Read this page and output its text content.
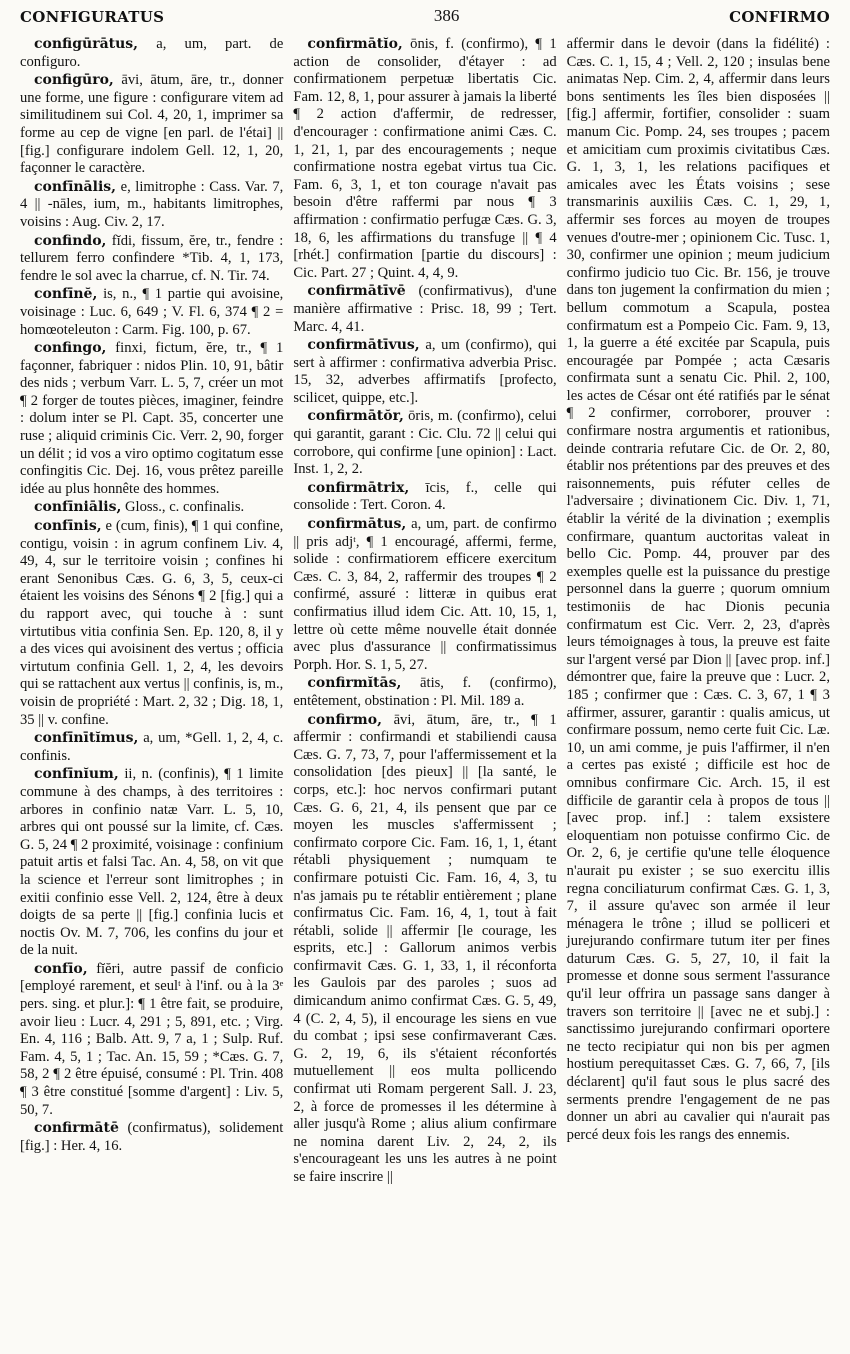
CONFIGURATUS	386	CONFIRMO

configūrātus, a, um, part. de configuro.

configūro, āvi, ātum, āre, tr., donner une forme, une figure : configurare vitem ad similitudinem sui Col. 4, 20, 1, imprimer sa forme au cep de vigne [en parl. de l'étai] || [fig.] configurare indolem Gell. 12, 1, 20, façonner le caractère.

confīnālis, e, limitrophe : Cass. Var. 7, 4 || -nāles, ium, m., habitants limitrophes, voisins : Aug. Civ. 2, 17.

confindo, fĭdi, fissum, ĕre, tr., fendre : tellurem ferro confindere *Tib. 4, 1, 173, fendre le sol avec la charrue, cf. N. Tir. 74.

confīnĕ, is, n., ¶ 1 partie qui avoisine, voisinage : Luc. 6, 649 ; V. Fl. 6, 374 ¶ 2 = homœoteleuton : Carm. Fig. 100, p. 67.

confingo, finxi, fictum, ĕre, tr., ¶ 1 façonner, fabriquer : nidos Plin. 10, 91, bâtir des nids ; verbum Varr. L. 5, 7, créer un mot ¶ 2 forger de toutes pièces, imaginer, feindre : dolum inter se Pl. Capt. 35, concerter une ruse ; aliquid criminis Cic. Verr. 2, 90, forger un délit ; id vos a viro optimo cogitatum esse confingitis Cic. Dej. 16, vous prêtez pareille idée au plus honnête des hommes.

confīniālis, Gloss., c. confinalis.

confīnis, e (cum, finis), ¶ 1 qui confine, contigu, voisin : in agrum confinem Liv. 4, 49, 4, sur le territoire voisin ; confines hi erant Senonibus Cæs. G. 6, 3, 5, ceux-ci étaient les voisins des Sénons ¶ 2 [fig.] qui a du rapport avec, qui touche à : sunt virtutibus vitia confinia Sen. Ep. 120, 8, il y a des vices qui avoisinent des vertus ; officia virtutum confinia Gell. 1, 2, 4, les devoirs qui se rattachent aux vertus || confinis, is, m., voisin de propriété : Mart. 2, 32 ; Dig. 18, 1, 35 || v. confine.

confīnītĭmus, a, um, *Gell. 1, 2, 4, c. confinis.

confīnĭum, ii, n. (confinis), ¶ 1 limite commune à des champs, à des territoires : arbores in confinio natæ Varr. L. 5, 10, arbres qui ont poussé sur la limite, cf. Cæs. G. 5, 24 ¶ 2 proximité, voisinage : confinium patuit artis et falsi Tac. An. 4, 58, on vit que la science et l'erreur sont limitrophes ; in exitii confinio esse Vell. 2, 124, être à deux doigts de sa perte || [fig.] confinia lucis et noctis Ov. M. 7, 706, les confins du jour et de la nuit.

confīo, fĭĕri, autre passif de conficio [employé rarement, et seulᵗ à l'inf. ou à la 3ᵉ pers. sing. et plur.]: ¶ 1 être fait, se produire, avoir lieu : Lucr. 4, 291 ; 5, 891, etc. ; Virg. En. 4, 116 ; Balb. Att. 9, 7 a, 1 ; Sulp. Ruf. Fam. 4, 5, 1 ; Tac. An. 15, 59 ; *Cæs. G. 7, 58, 2 ¶ 2 être épuisé, consumé : Pl. Trin. 408 ¶ 3 être constitué [somme d'argent] : Liv. 5, 50, 7.

confirmātē (confirmatus), solidement [fig.] : Her. 4, 16.

confirmātĭo, ōnis, f. (confirmo), ¶ 1 action de consolider, d'étayer : ad confirmationem perpetuæ libertatis Cic. Fam. 12, 8, 1, pour assurer à jamais la liberté ¶ 2 action d'affermir, de redresser, d'encourager : confirmatione animi Cæs. C. 1, 21, 1, par des encouragements ; neque confirmatione nostra egebat virtus tua Cic. Fam. 6, 3, 1, et ton courage n'avait pas besoin d'être raffermi par nous ¶ 3 affirmation : confirmatio perfugæ Cæs. G. 3, 18, 6, les affirmations du transfuge || ¶ 4 [rhét.] confirmation [partie du discours] : Cic. Part. 27 ; Quint. 4, 4, 9.

confirmātīvē (confirmativus), d'une manière affirmative : Prisc. 18, 99 ; Tert. Marc. 4, 41.

confirmātīvus, a, um (confirmo), qui sert à affirmer : confirmativa adverbia Prisc. 15, 32, adverbes affirmatifs [profecto, scilicet, quippe, etc.].

confirmātŏr, ōris, m. (confirmo), celui qui garantit, garant : Cic. Clu. 72 || celui qui corrobore, qui confirme [une opinion] : Lact. Inst. 1, 2, 2.

confirmātrix, īcis, f., celle qui consolide : Tert. Coron. 4.

confirmātus, a, um, part. de confirmo || pris adjᵗ, ¶ 1 encouragé, affermi, ferme, solide : confirmatiorem efficere exercitum Cæs. C. 3, 84, 2, raffermir des troupes ¶ 2 confirmé, assuré : litteræ in quibus erat confirmatius illud idem Cic. Att. 10, 15, 1, lettre où cette même nouvelle était donnée avec plus d'assurance || confirmatissimus Porph. Hor. S. 1, 5, 27.

confirmĭtās, ātis, f. (confirmo), entêtement, obstination : Pl. Mil. 189 a.

confirmo, āvi, ātum, āre, tr., ¶ 1 affermir : confirmandi et stabiliendi causa Cæs. G. 7, 73, 7, pour l'affermissement et la consolidation [des pieux] || [la santé, le corps, etc.]: hoc nervos confirmari putant Cæs. G. 6, 21, 4, ils pensent que par ce moyen les muscles s'affermissent ; confirmato corpore Cic. Fam. 16, 1, 1, étant rétabli physiquement ; numquam te confirmare potuisti Cic. Fam. 16, 4, 3, tu n'as jamais pu te rétablir entièrement ; plane confirmatus Cic. Fam. 16, 4, 1, tout à fait rétabli, solide || affermir [le courage, les esprits, etc.] : Gallorum animos verbis confirmavit Cæs. G. 1, 33, 1, il réconforta les Gaulois par des paroles ; suos ad dimicandum animo confirmat Cæs. G. 5, 49, 4 (C. 2, 4, 5), il encourage les siens en vue du combat ; ipsi sese confirmaverant Cæs. G. 2, 19, 6, ils s'étaient réconfortés mutuellement || eos multa pollicendo confirmat uti Romam pergerent Sall. J. 23, 2, à force de promesses il les détermine à aller jusqu'à Rome ; alius alium confirmare ne nomina darent Liv. 2, 24, 2, ils s'encourageant les uns les autres à ne point se faire inscrire ||

affermir dans le devoir (dans la fidélité) : Cæs. C. 1, 15, 4 ; Vell. 2, 120 ; insulas bene animatas Nep. Cim. 2, 4, affermir dans leurs bons sentiments les îles bien disposées || [fig.] affermir, fortifier, consolider : suam manum Cic. Pomp. 24, ses troupes ; pacem et amicitiam cum proximis civitatibus Cæs. G. 1, 3, 1, les relations pacifiques et amicales avec les États voisins ; sese transmarinis auxiliis Cæs. C. 1, 29, 1, affermir ses forces au moyen de troupes venues d'outre-mer ; opinionem Cic. Tusc. 1, 30, confirmer une opinion ; meum judicium confirmo judicio tuo Cic. Br. 156, je trouve dans ton jugement la confirmation du mien ; bellum commotum a Scapula, postea confirmatum est a Pompeio Cic. Fam. 9, 13, 1, la guerre a été excitée par Scapula, puis encouragée par Pompée ; acta Cæsaris confirmata sunt a senatu Cic. Phil. 2, 100, les actes de César ont été ratifiés par le sénat ¶ 2 confirmer, corroborer, prouver : confirmare nostra argumentis et rationibus, deinde contraria refutare Cic. de Or. 2, 80, établir nos prétentions par des preuves et des raisonnements, puis réfuter celles de l'adversaire ; divinationem Cic. Div. 1, 71, établir la vérité de la divination ; exemplis confirmare, quantum auctoritas valeat in bello Cic. Pomp. 44, prouver par des exemples quelle est la puissance du prestige personnel dans la guerre ; quorum omnium testimoniis de hac Dionis pecunia confirmatum est Cic. Verr. 2, 23, d'après leurs témoignages à tous, la preuve est faite sur l'argent versé par Dion || [avec prop. inf.] démontrer que, faire la preuve que : Lucr. 2, 185 ; confirmer que : Cæs. C. 3, 67, 1 ¶ 3 affirmer, assurer, garantir : qualis amicus, ut confirmare possum, nemo certe fuit Cic. Læ. 10, un ami comme, je puis l'affirmer, il n'en a certes pas existé ; difficile est hoc de omnibus confirmare Cic. Arch. 15, il est difficile de garantir cela à propos de tous || [avec prop. inf.] : talem exsistere eloquentiam non potuisse confirmo Cic. de Or. 2, 6, je certifie qu'une telle éloquence n'aurait pu exister ; se suo exercitu illis regna conciliaturum confirmat Cæs. G. 1, 3, 7, il assure qu'avec son armée il leur ménagera le trône ; illud se polliceri et jurejurando confirmare tutum iter per fines daturum Cæs. G. 5, 27, 10, il fait la promesse et donne sous serment l'assurance qu'il leur offrira un passage sans danger à travers son territoire || [avec ne et subj.] : sanctissimo jurejurando confirmari oportere ne tecto recipiatur qui non bis per agmen hostium perequitasset Cæs. G. 7, 66, 7, [ils déclarent] qu'il faut sous le plus sacré des serments prendre l'engagement de ne pas donner un abri au cavalier qui n'aurait pas percé deux fois les rangs des ennemis.
